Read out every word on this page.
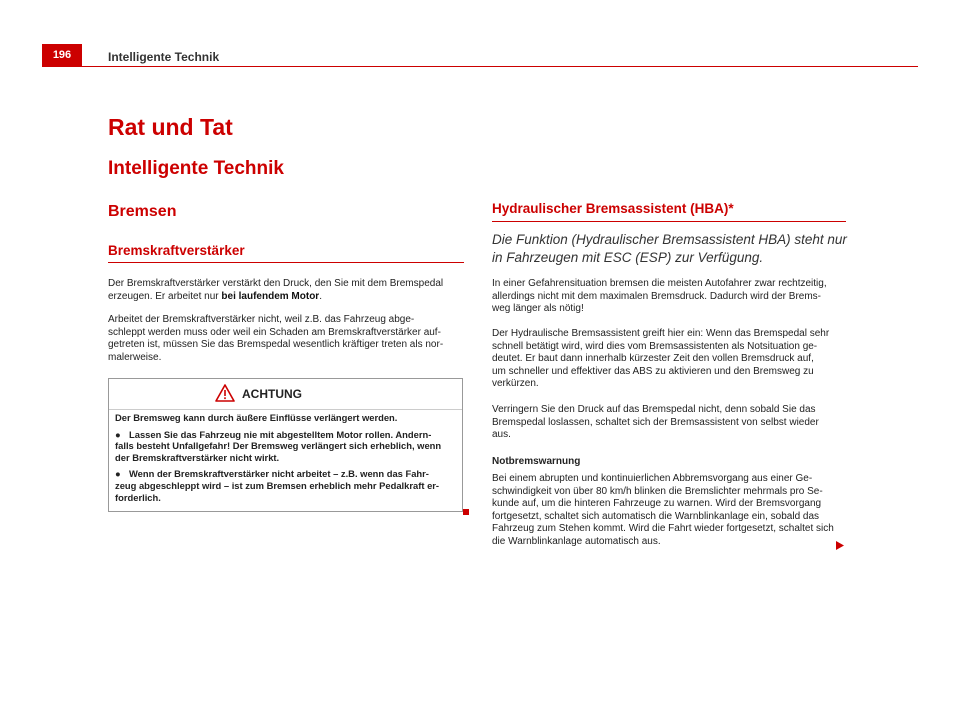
196	Intelligente Technik
Rat und Tat
Intelligente Technik
Bremsen
Bremskraftverstärker

Der Bremskraftverstärker verstärkt den Druck, den Sie mit dem Bremspedal
erzeugen. Er arbeitet nur bei laufendem Motor.

Arbeitet der Bremskraftverstärker nicht, weil z.B. das Fahrzeug abge-
schleppt werden muss oder weil ein Schaden am Bremskraftverstärker auf-
getreten ist, müssen Sie das Bremspedal wesentlich kräftiger treten als nor-
malerweise.

ACHTUNG

Der Bremsweg kann durch äußere Einflüsse verlängert werden.

● Lassen Sie das Fahrzeug nie mit abgestelltem Motor rollen. Andern-
falls besteht Unfallgefahr! Der Bremsweg verlängert sich erheblich, wenn
der Bremskraftverstärker nicht wirkt.

● Wenn der Bremskraftverstärker nicht arbeitet – z.B. wenn das Fahr-
zeug abgeschleppt wird – ist zum Bremsen erheblich mehr Pedalkraft er-
forderlich.

Hydraulischer Bremsassistent (HBA)*

Die Funktion (Hydraulischer Bremsassistent HBA) steht nur
in Fahrzeugen mit ESC (ESP) zur Verfügung.

In einer Gefahrensituation bremsen die meisten Autofahrer zwar rechtzeitig,
allerdings nicht mit dem maximalen Bremsdruck. Dadurch wird der Brems-
weg länger als nötig!

Der Hydraulische Bremsassistent greift hier ein: Wenn das Bremspedal sehr
schnell betätigt wird, wird dies vom Bremsassistenten als Notsituation ge-
deutet. Er baut dann innerhalb kürzester Zeit den vollen Bremsdruck auf,
um schneller und effektiver das ABS zu aktivieren und den Bremsweg zu
verkürzen.

Verringern Sie den Druck auf das Bremspedal nicht, denn sobald Sie das
Bremspedal loslassen, schaltet sich der Bremsassistent von selbst wieder
aus.

Notbremswarnung

Bei einem abrupten und kontinuierlichen Abbremsvorgang aus einer Ge-
schwindigkeit von über 80 km/h blinken die Bremslichter mehrmals pro Se-
kunde auf, um die hinteren Fahrzeuge zu warnen. Wird der Bremsvorgang
fortgesetzt, schaltet sich automatisch die Warnblinkanlage ein, sobald das
Fahrzeug zum Stehen kommt. Wird die Fahrt wieder fortgesetzt, schaltet sich
die Warnblinkanlage automatisch aus.
